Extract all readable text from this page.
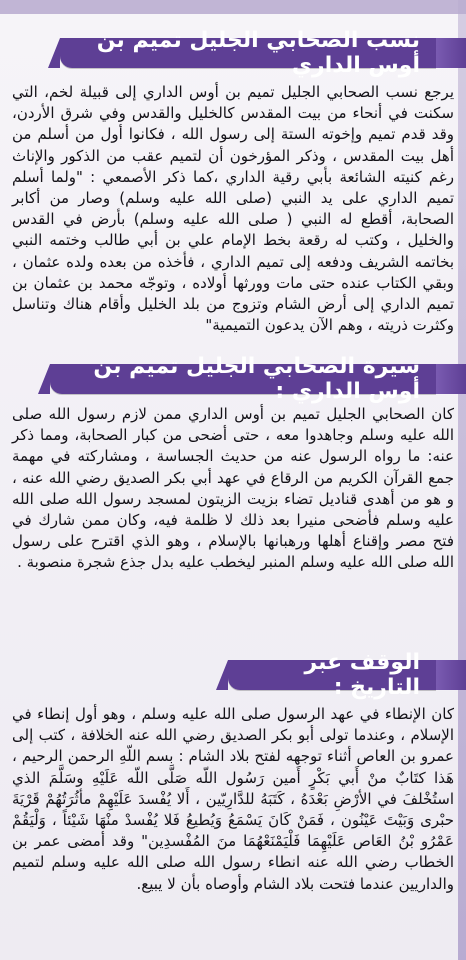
نسب الصحابي الجليل تميم بن أوس الداري
يرجع نسب الصحابي الجليل تميم بن أوس الداري إلى قبيلة لخم، التي سكنت في أنحاء من بيت المقدس كالخليل والقدس وفي شرق الأردن، وقد قدم تميم وإخوته الستة إلى رسول الله ، فكانوا أول من أسلم من أهل بيت المقدس ، وذكر المؤرخون أن لتميم عقب من الذكور والإناث رغم كنيته الشائعة بأبي رقية الداري ،كما ذكر الأصمعي : "ولما أسلم تميم الداري على يد النبي (صلى الله عليه وسلم) وصار من أكابر الصحابة، أقطع له النبي ( صلى الله عليه وسلم) بأرض في القدس والخليل ، وكتب له رقعة بخط الإمام علي بن أبي طالب وختمه النبي بخاتمه الشريف ودفعه إلى تميم الداري ، فأخذه من بعده ولده عثمان ، وبقي الكتاب عنده حتى مات وورثها أولاده ، وتوجّه محمد بن عثمان بن تميم الداري إلى أرض الشام وتزوج من بلد الخليل وأقام هناك وتناسل وكثرت ذريته ، وهم الآن يدعون التميمية"
سيرة الصحابي الجليل تميم بن أوس الداري :
كان الصحابي الجليل تميم بن أوس الداري ممن لازم رسول الله صلى الله عليه وسلم وجاهدوا معه ، حتى أضحى من كبار الصحابة، ومما ذكر عنه: ما رواه الرسول عنه من حديث الجساسة ، ومشاركته في مهمة جمع القرآن الكريم من الرقاع في عهد أبي بكر الصديق رضي الله عنه ، و هو من أهدى قناديل تضاء بزيت الزيتون لمسجد رسول الله صلى الله عليه وسلم فأضحى منيرا بعد ذلك لا ظلمة فيه، وكان ممن شارك في فتح مصر وإقناع أهلها ورهبانها بالإسلام ، وهو الذي اقترح على رسول الله صلى الله عليه وسلم المنبر ليخطب عليه بدل جذع شجرة منصوبة .
الوقف عبر التاريخ :
كان الإنطاء في عهد الرسول صلى الله عليه وسلم ، وهو أول إنطاء في الإسلام ، وعندما تولى أبو بكر الصديق رضي الله عنه الخلافة ، كتب إلى عمرو بن العاص أثناء توجهه لفتح بلاد الشام : بسم اللّهِ الرحمن الرحيم ، هَذا كتَابٌ منْ أَبي بَكْرٍ أَمين رَسُول اللّه صَلَّى اللّه عَلَيْهِ وسَلَّمَ الذي استُخْلفَ في الأرْضِ بَعْدَهُ ، كَتَبَهُ للدَّارِيّين ، أَلا يُفْسدَ عَلَيْهِمْ مأثُرَتُهُمْ قَرْيَةَ حبْرى وَبَيْتَ عَيْنُون ، فَمَنْ كَانَ يَسْمَعُ وَيُطيعُ فَلا يُفْسدْ منْهَا شَيْئاً ، وَلْيَقُمْ عَمْرُو بْنُ العَاص عَلَيْهِمَا فَلْيَمْنَعْهُمَا منَ المُفْسدِين" وقد أمضى عمر بن الخطاب رضي الله عنه انطاء رسول الله صلى الله عليه وسلم لتميم والداريين عندما فتحت بلاد الشام وأوصاه بأن لا يبيع.
